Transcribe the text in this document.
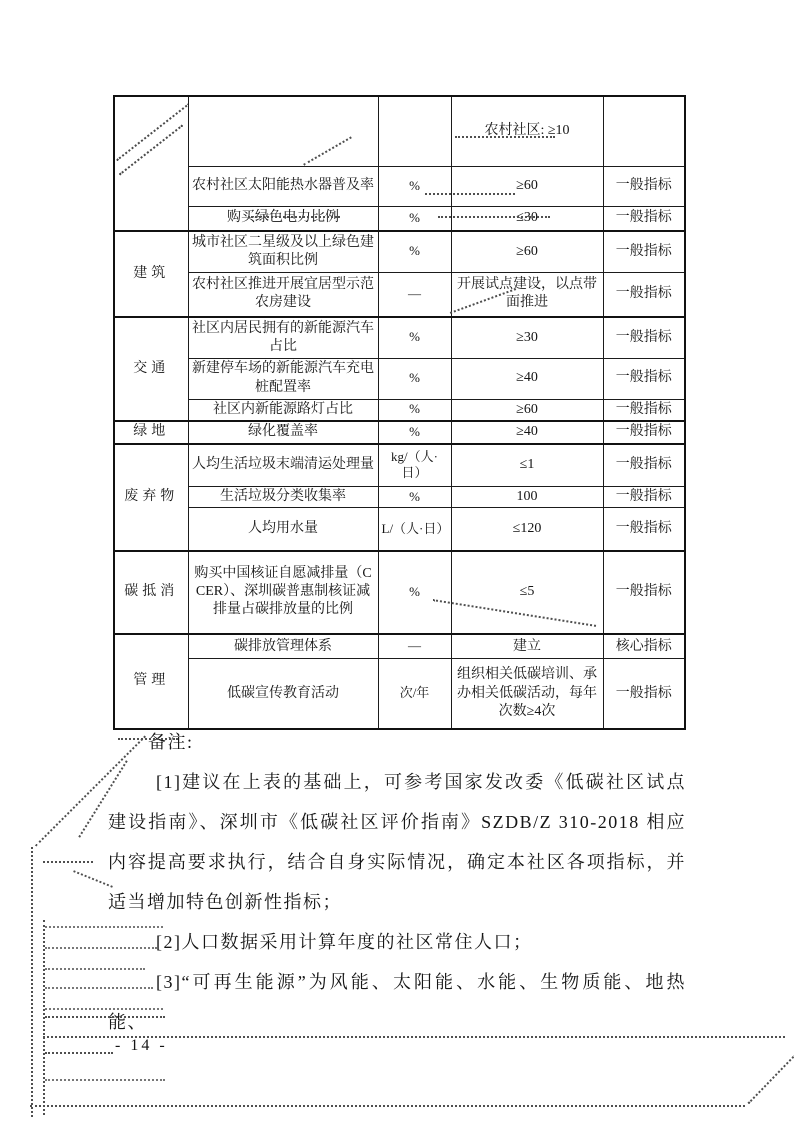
			农村社区: ≥10	
	农村社区太阳能热水器普及率	%	≥60	一般指标
	购买绿色电力比例	%	≤30	一般指标
建筑	城市社区二星级及以上绿色建筑面积比例	%	≥60	一般指标
	农村社区推进开展宜居型示范农房建设	—	开展试点建设，以点带面推进	一般指标
交通	社区内居民拥有的新能源汽车占比	%	≥30	一般指标
	新建停车场的新能源汽车充电桩配置率	%	≥40	一般指标
	社区内新能源路灯占比	%	≥60	一般指标
绿地	绿化覆盖率	%	≥40	一般指标
废弃物	人均生活垃圾末端清运处理量	kg/（人·日）	≤1	一般指标
	生活垃圾分类收集率	%	100	一般指标
	人均用水量	L/（人·日）	≤120	一般指标
碳抵消	购买中国核证自愿减排量（CCER）、深圳碳普惠制核证减排量占碳排放量的比例	%	≤5	一般指标
管理	碳排放管理体系	—	建立	核心指标
	低碳宣传教育活动	次/年	组织相关低碳培训、承办相关低碳活动，每年次数≥4次	一般指标

备注:

[1]建议在上表的基础上，可参考国家发改委《低碳社区试点建设指南》、深圳市《低碳社区评价指南》SZDB/Z 310-2018 相应内容提高要求执行，结合自身实际情况，确定本社区各项指标，并适当增加特色创新性指标；

[2]人口数据采用计算年度的社区常住人口；

[3]“可再生能源”为风能、太阳能、水能、生物质能、地热能、

- 14 -
